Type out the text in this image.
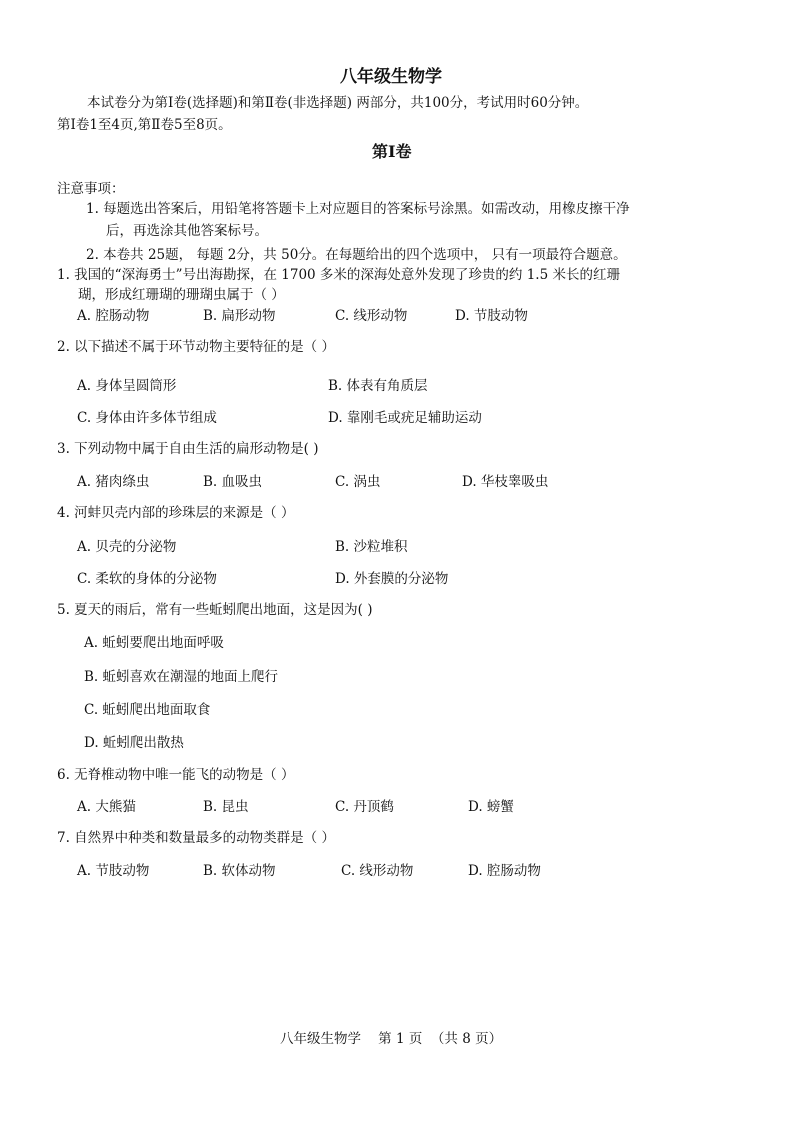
八年级生物学
本试卷分为第Ⅰ卷(选择题)和第Ⅱ卷(非选择题) 两部分，共100分，考试用时60分钟。
第Ⅰ卷1至4页,第Ⅱ卷5至8页。
第Ⅰ卷
注意事项：
1. 每题选出答案后，用铅笔将答题卡上对应题目的答案标号涂黑。如需改动，用橡皮擦干净
后，再选涂其他答案标号。
2. 本卷共 25题， 每题 2分，共 50分。在每题给出的四个选项中， 只有一项最符合题意。
1. 我国的“深海勇士”号出海勘探，在 1700 多米的深海处意外发现了珍贵的约 1.5 米长的红珊
瑚，形成红珊瑚的珊瑚虫属于（ ）
A. 腔肠动物	B. 扁形动物	C. 线形动物	D. 节肢动物
2. 以下描述不属于环节动物主要特征的是（ ）
A. 身体呈圆筒形	B. 体表有角质层
C. 身体由许多体节组成	D. 靠刚毛或疣足辅助运动
3. 下列动物中属于自由生活的扁形动物是( )
A. 猪肉绦虫	B. 血吸虫	C. 涡虫	D. 华枝睾吸虫
4. 河蚌贝壳内部的珍珠层的来源是（ ）
A. 贝壳的分泌物	B. 沙粒堆积
C. 柔软的身体的分泌物	D. 外套膜的分泌物
5. 夏天的雨后，常有一些蚯蚓爬出地面，这是因为( )
A. 蚯蚓要爬出地面呼吸
B. 蚯蚓喜欢在潮湿的地面上爬行
C. 蚯蚓爬出地面取食
D. 蚯蚓爬出散热
6. 无脊椎动物中唯一能飞的动物是（ ）
A. 大熊猫	B. 昆虫	C. 丹顶鹤	D. 螃蟹
7. 自然界中种类和数量最多的动物类群是（ ）
A. 节肢动物	B. 软体动物	C. 线形动物	D. 腔肠动物
八年级生物学    第 1 页  （共 8 页）
